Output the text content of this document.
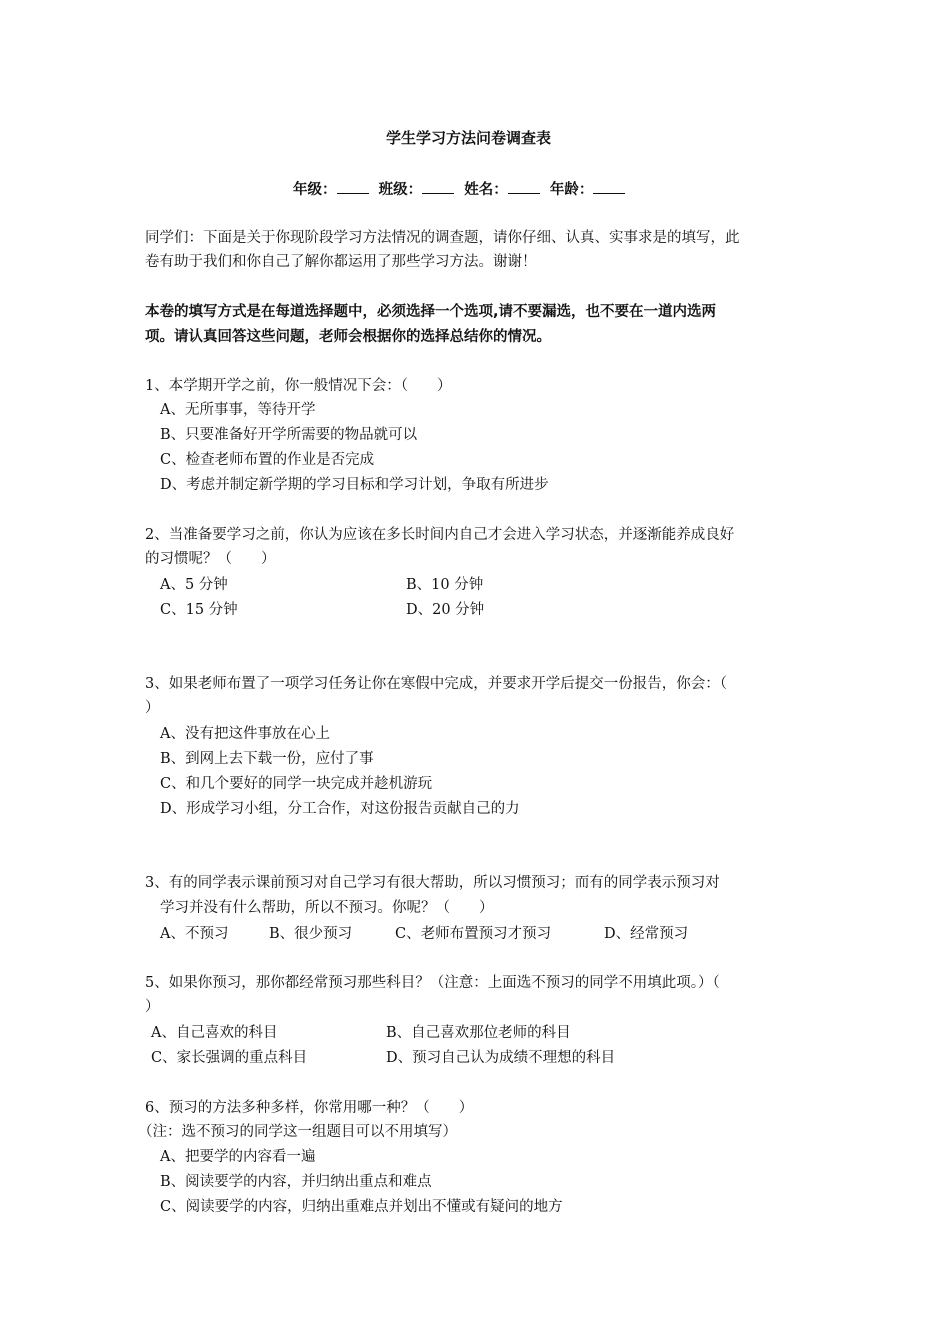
学生学习方法问卷调查表
年级：	班级：	姓名：	年龄：
同学们：下面是关于你现阶段学习方法情况的调查题，请你仔细、认真、实事求是的填写，此
卷有助于我们和你自己了解你都运用了那些学习方法。谢谢！
本卷的填写方式是在每道选择题中，必须选择一个选项,请不要漏选，也不要在一道内选两
项。请认真回答这些问题，老师会根据你的选择总结你的情况。
1、本学期开学之前，你一般情况下会：（　　）
A、无所事事，等待开学
B、只要准备好开学所需要的物品就可以
C、检查老师布置的作业是否完成
D、考虑并制定新学期的学习目标和学习计划，争取有所进步
2、当准备要学习之前，你认为应该在多长时间内自己才会进入学习状态，并逐渐能养成良好
的习惯呢？（　　）
A、5 分钟	B、10 分钟
C、15 分钟	D、20 分钟
3、如果老师布置了一项学习任务让你在寒假中完成，并要求开学后提交一份报告，你会：（
）
A、没有把这件事放在心上
B、到网上去下载一份，应付了事
C、和几个要好的同学一块完成并趁机游玩
D、形成学习小组，分工合作，对这份报告贡献自己的力
3、有的同学表示课前预习对自己学习有很大帮助，所以习惯预习；而有的同学表示预习对
学习并没有什么帮助，所以不预习。你呢？（　　）
A、不预习	B、很少预习	C、老师布置预习才预习	D、经常预习
5、如果你预习，那你都经常预习那些科目？（注意：上面选不预习的同学不用填此项。）（
）
A、自己喜欢的科目	B、自己喜欢那位老师的科目
C、家长强调的重点科目	D、预习自己认为成绩不理想的科目
6、预习的方法多种多样，你常用哪一种？（　　）
（注：选不预习的同学这一组题目可以不用填写）
A、把要学的内容看一遍
B、阅读要学的内容，并归纳出重点和难点
C、阅读要学的内容，归纳出重难点并划出不懂或有疑问的地方
